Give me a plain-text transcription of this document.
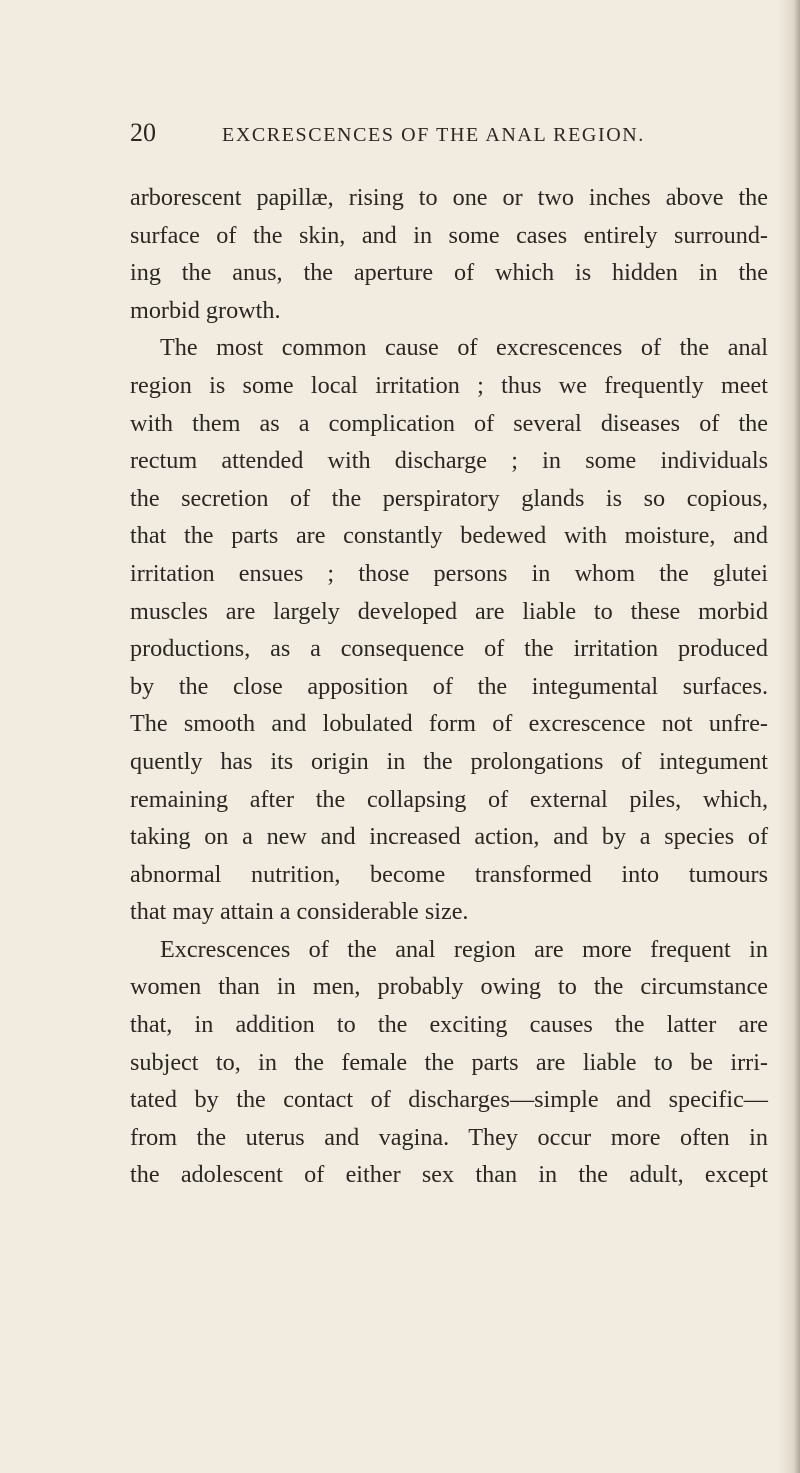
20	EXCRESCENCES OF THE ANAL REGION.
arborescent papillæ, rising to one or two inches above the
surface of the skin, and in some cases entirely surround-
ing the anus, the aperture of which is hidden in the
morbid growth.
The most common cause of excrescences of the anal
region is some local irritation ; thus we frequently meet
with them as a complication of several diseases of the
rectum attended with discharge ; in some individuals
the secretion of the perspiratory glands is so copious,
that the parts are constantly bedewed with moisture, and
irritation ensues ; those persons in whom the glutei
muscles are largely developed are liable to these morbid
productions, as a consequence of the irritation produced
by the close apposition of the integumental surfaces.
The smooth and lobulated form of excrescence not unfre-
quently has its origin in the prolongations of integument
remaining after the collapsing of external piles, which,
taking on a new and increased action, and by a species of
abnormal nutrition, become transformed into tumours
that may attain a considerable size.
Excrescences of the anal region are more frequent in
women than in men, probably owing to the circumstance
that, in addition to the exciting causes the latter are
subject to, in the female the parts are liable to be irri-
tated by the contact of discharges—simple and specific—
from the uterus and vagina. They occur more often in
the adolescent of either sex than in the adult, except
